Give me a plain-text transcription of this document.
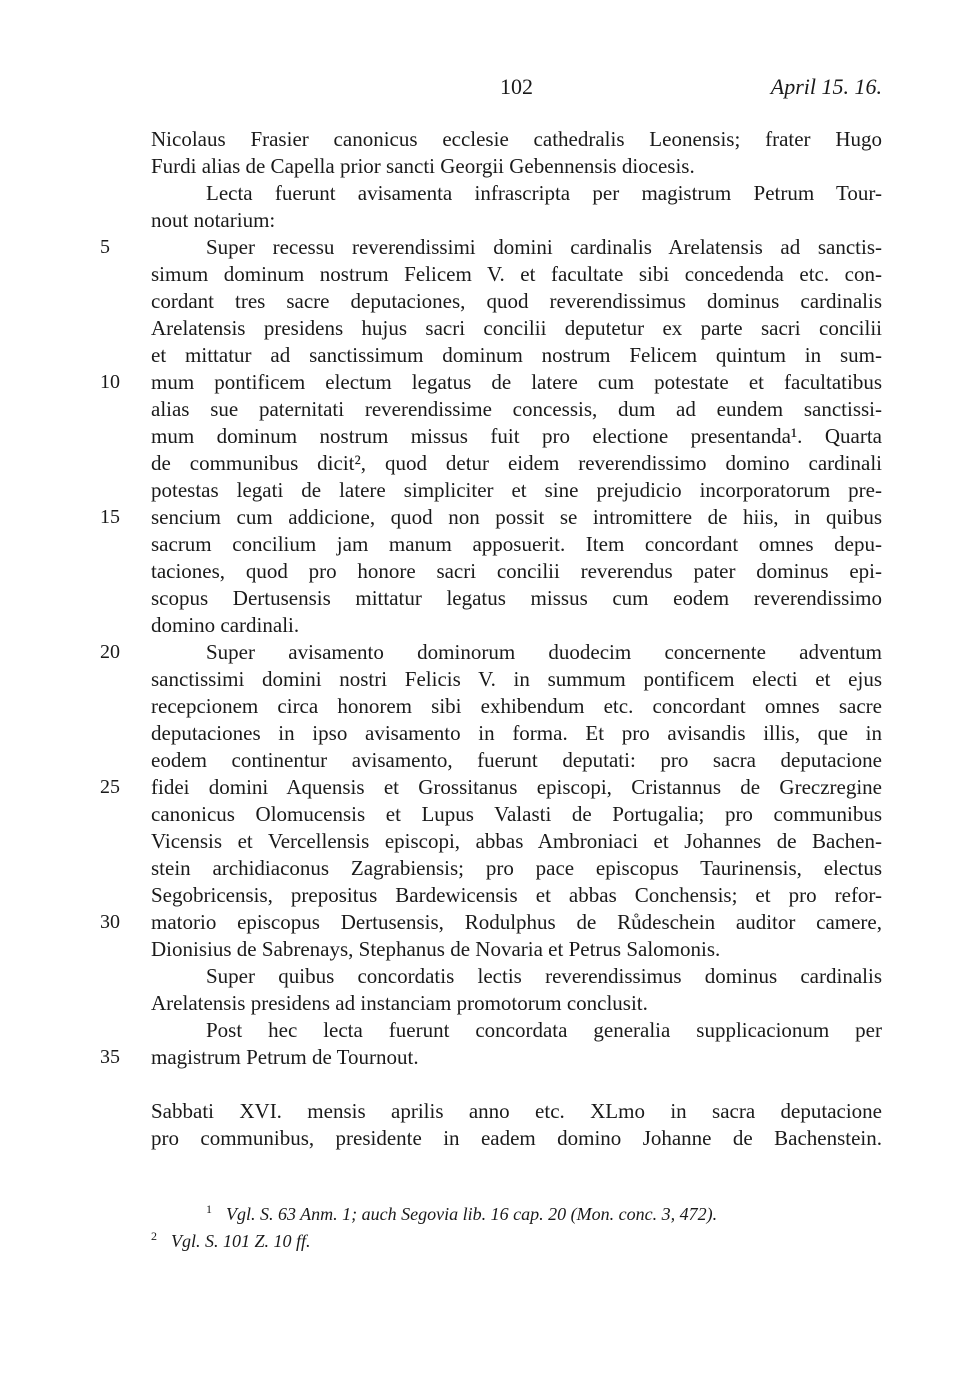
102	April 15. 16.
Nicolaus Frasier canonicus ecclesie cathedralis Leonensis; frater Hugo
Furdi alias de Capella prior sancti Georgii Gebennensis diocesis.
Lecta fuerunt avisamenta infrascripta per magistrum Petrum Tour-
nout notarium:
Super recessu reverendissimi domini cardinalis Arelatensis ad sanctis-
simum dominum nostrum Felicem V. et facultate sibi concedenda etc. con-
cordant tres sacre deputaciones, quod reverendissimus dominus cardinalis
Arelatensis presidens hujus sacri concilii deputetur ex parte sacri concilii
et mittatur ad sanctissimum dominum nostrum Felicem quintum in sum-
mum pontificem electum legatus de latere cum potestate et facultatibus
alias sue paternitati reverendissime concessis, dum ad eundem sanctissi-
mum dominum nostrum missus fuit pro electione presentanda¹. Quarta
de communibus dicit², quod detur eidem reverendissimo domino cardinali
potestas legati de latere simpliciter et sine prejudicio incorporatorum pre-
sencium cum addicione, quod non possit se intromittere de hiis, in quibus
sacrum concilium jam manum apposuerit. Item concordant omnes depu-
taciones, quod pro honore sacri concilii reverendus pater dominus epi-
scopus Dertusensis mittatur legatus missus cum eodem reverendissimo
domino cardinali.
Super avisamento dominorum duodecim concernente adventum
sanctissimi domini nostri Felicis V. in summum pontificem electi et ejus
recepcionem circa honorem sibi exhibendum etc. concordant omnes sacre
deputaciones in ipso avisamento in forma. Et pro avisandis illis, que in
eodem continentur avisamento, fuerunt deputati: pro sacra deputacione
fidei domini Aquensis et Grossitanus episcopi, Cristannus de Greczregine
canonicus Olomucensis et Lupus Valasti de Portugalia; pro communibus
Vicensis et Vercellensis episcopi, abbas Ambroniaci et Johannes de Bachen-
stein archidiaconus Zagrabiensis; pro pace episcopus Taurinensis, electus
Segobricensis, prepositus Bardewicensis et abbas Conchensis; et pro refor-
matorio episcopus Dertusensis, Rodulphus de Růdeschein auditor camere,
Dionisius de Sabrenays, Stephanus de Novaria et Petrus Salomonis.
Super quibus concordatis lectis reverendissimus dominus cardinalis
Arelatensis presidens ad instanciam promotorum conclusit.
Post hec lecta fuerunt concordata generalia supplicacionum per
magistrum Petrum de Tournout.
Sabbati XVI. mensis aprilis anno etc. XLmo in sacra deputacione
pro communibus, presidente in eadem domino Johanne de Bachenstein.
5
10
15
20
25
30
35
$^1$ Vgl. S. 63 Anm. 1; auch Segovia lib. 16 cap. 20 (Mon. conc. 3, 472).
$^2$ Vgl. S. 101 Z. 10 ff.
